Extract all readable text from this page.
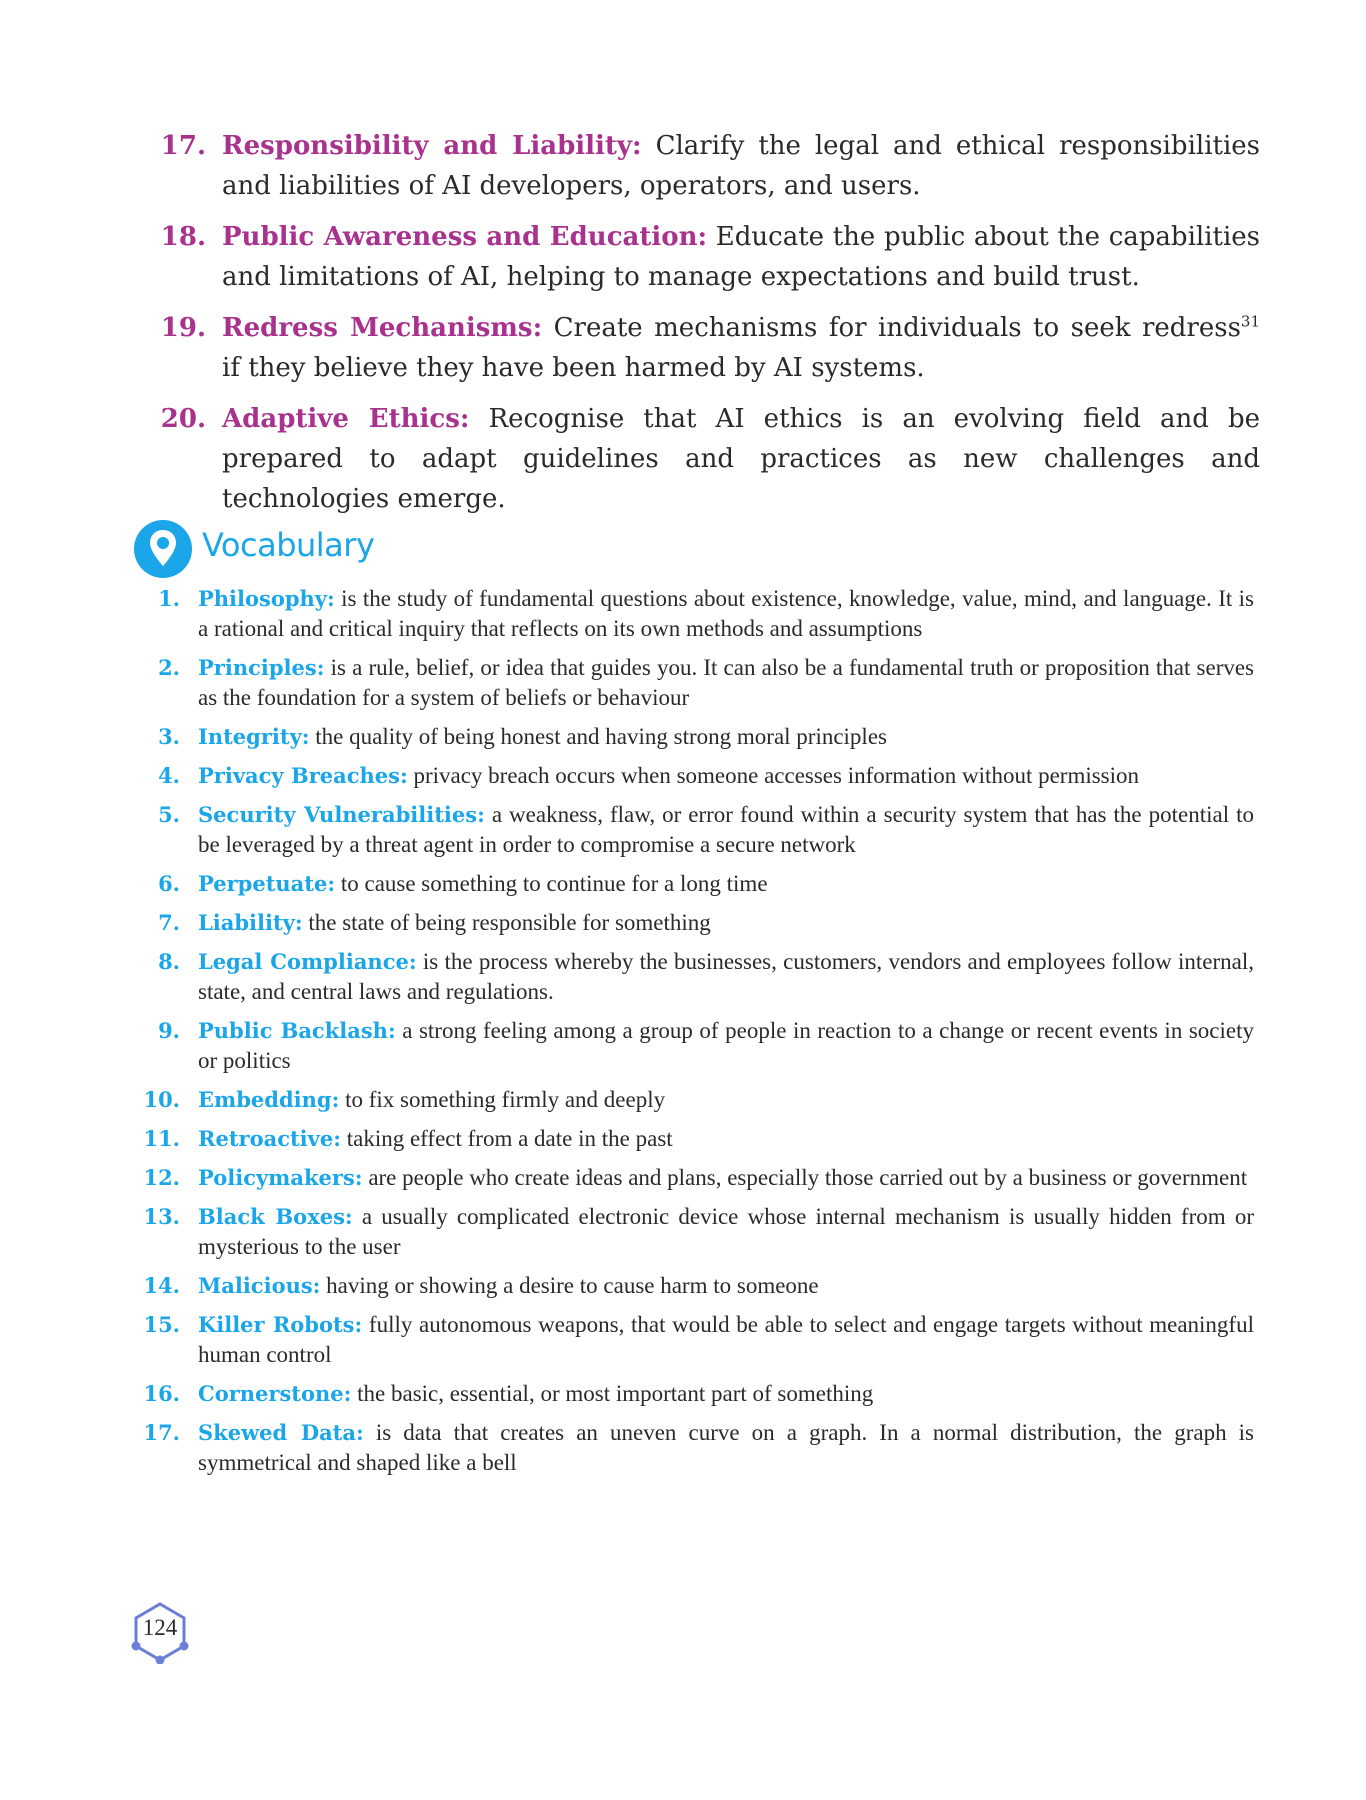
17. Responsibility and Liability: Clarify the legal and ethical responsibilities and liabilities of AI developers, operators, and users.
18. Public Awareness and Education: Educate the public about the capabilities and limitations of AI, helping to manage expectations and build trust.
19. Redress Mechanisms: Create mechanisms for individuals to seek redress$^{31}$ if they believe they have been harmed by AI systems.
20. Adaptive Ethics: Recognise that AI ethics is an evolving field and be prepared to adapt guidelines and practices as new challenges and technologies emerge.
Vocabulary
1. Philosophy: is the study of fundamental questions about existence, knowledge, value, mind, and language. It is a rational and critical inquiry that reflects on its own methods and assumptions
2. Principles: is a rule, belief, or idea that guides you. It can also be a fundamental truth or proposition that serves as the foundation for a system of beliefs or behaviour
3. Integrity: the quality of being honest and having strong moral principles
4. Privacy Breaches: privacy breach occurs when someone accesses information without permission
5. Security Vulnerabilities: a weakness, flaw, or error found within a security system that has the potential to be leveraged by a threat agent in order to compromise a secure network
6. Perpetuate: to cause something to continue for a long time
7. Liability: the state of being responsible for something
8. Legal Compliance: is the process whereby the businesses, customers, vendors and employees follow internal, state, and central laws and regulations.
9. Public Backlash: a strong feeling among a group of people in reaction to a change or recent events in society or politics
10. Embedding: to fix something firmly and deeply
11. Retroactive: taking effect from a date in the past
12. Policymakers: are people who create ideas and plans, especially those carried out by a business or government
13. Black Boxes: a usually complicated electronic device whose internal mechanism is usually hidden from or mysterious to the user
14. Malicious: having or showing a desire to cause harm to someone
15. Killer Robots: fully autonomous weapons, that would be able to select and engage targets without meaningful human control
16. Cornerstone: the basic, essential, or most important part of something
17. Skewed Data: is data that creates an uneven curve on a graph. In a normal distribution, the graph is symmetrical and shaped like a bell
124
